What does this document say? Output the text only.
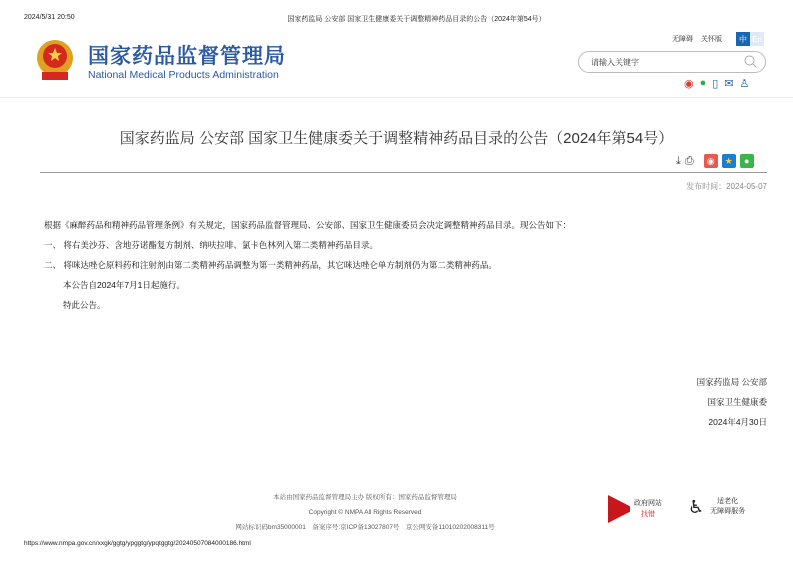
2024/5/31 20:50	国家药监局 公安部 国家卫生健康委关于调整精神药品目录的公告（2024年第54号）
国家药品监督管理局
National Medical Products Administration
无障碍 关怀版	中 En
请输入关键字
◉ ● ▯ ✉ ♙
国家药监局 公安部 国家卫生健康委关于调整精神药品目录的公告（2024年第54号）
⤓ ⎙	◉	★	●
发布时间：2024-05-07

根据《麻醉药品和精神药品管理条例》有关规定，国家药品监督管理局、公安部、国家卫生健康委员会决定调整精神药品目录。现公告如下：

一、 将右美沙芬、含地芬诺酯复方制剂、纳呋拉啡、氯卡色林列入第二类精神药品目录。

二、 将咪达唑仑原料药和注射剂由第二类精神药品调整为第一类精神药品，其它咪达唑仑单方制剂仍为第二类精神药品。

本公告自2024年7月1日起施行。

特此公告。

国家药监局 公安部

国家卫生健康委

2024年4月30日

本站由国家药品监督管理局主办 版权所有：国家药品监督管理局

Copyright © NMPA All Rights Reserved

网站标识码bm35000001　备案序号:京ICP备13027807号　京公网安备11010202008311号

政府网站
找错	♿	适老化
无障碍服务
https://www.nmpa.gov.cn/xxgk/ggtg/ypggtg/ypqtggtg/20240507084000186.html
